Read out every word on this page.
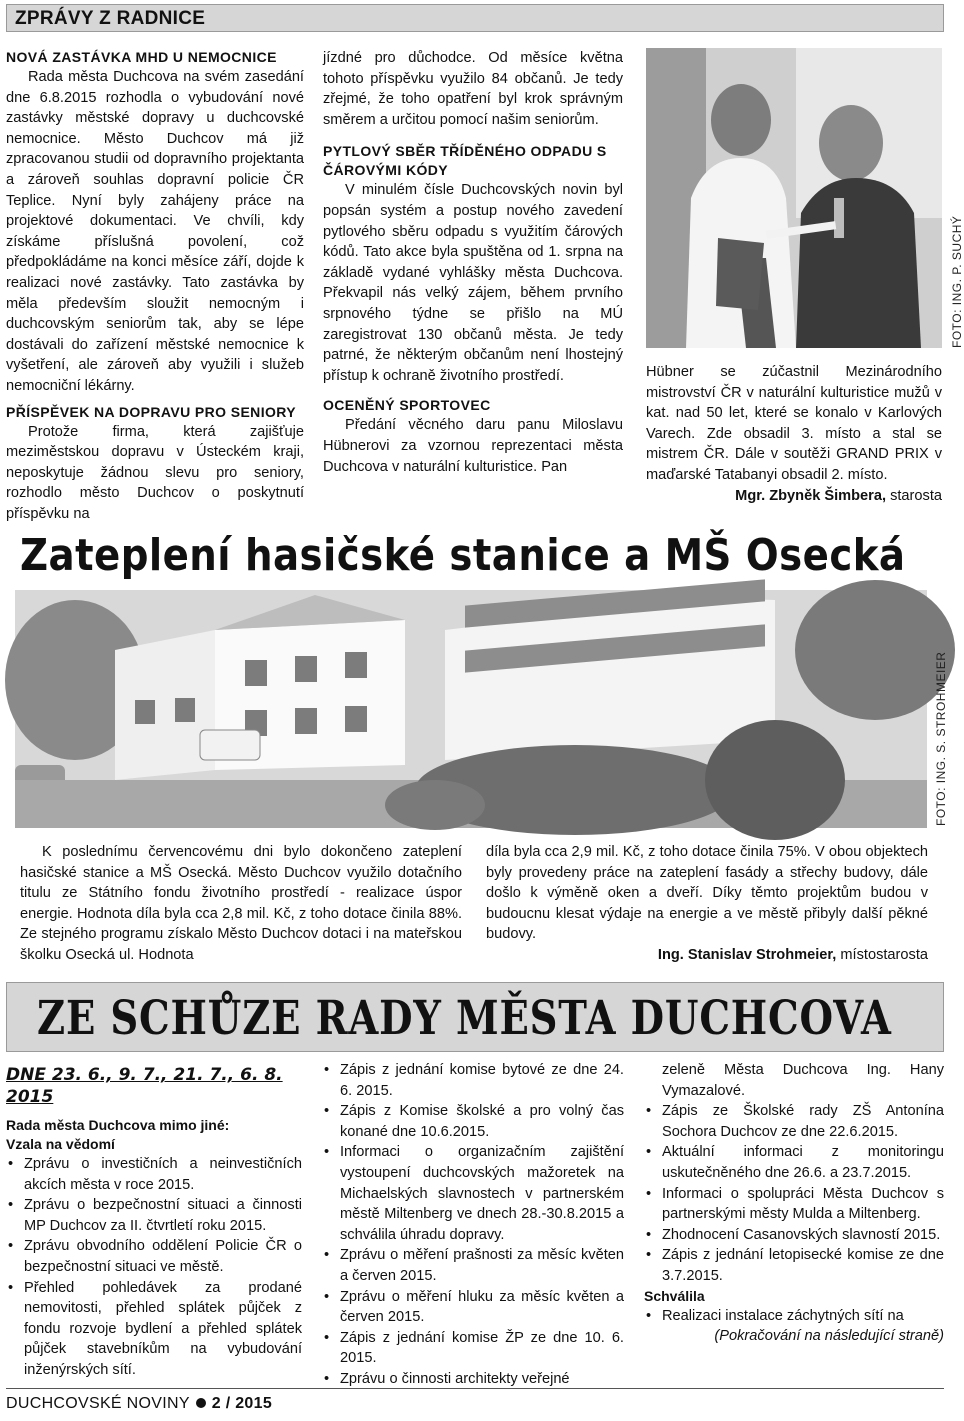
ZPRÁVY Z RADNICE
NOVÁ ZASTÁVKA MHD U NEMOCNICE
Rada města Duchcova na svém zasedání dne 6.8.2015 rozhodla o vybudování nové zastávky městské dopravy u duchcovské nemocnice. Město Duchcov má již zpracovanou studii od dopravního projektanta a zároveň souhlas dopravní policie ČR Teplice. Nyní byly zahájeny práce na projektové dokumentaci. Ve chvíli, kdy získáme příslušná povolení, což předpokládáme na konci měsíce září, dojde k realizaci nové zastávky. Tato zastávka by měla především sloužit nemocným i duchcovským seniorům tak, aby se lépe dostávali do zařízení městské nemocnice k vyšetření, ale zároveň aby využili i služeb nemocniční lékárny.
PŘÍSPĚVEK NA DOPRAVU PRO SENIORY
Protože firma, která zajišťuje meziměstskou dopravu v Ústeckém kraji, neposkytuje žádnou slevu pro seniory, rozhodlo město Duchcov o poskytnutí příspěvku na
jízdné pro důchodce. Od měsíce května tohoto příspěvku využilo 84 občanů. Je tedy zřejmé, že toho opatření byl krok správným směrem a určitou pomocí našim seniorům.
PYTLOVÝ SBĚR TŘÍDĚNÉHO ODPADU S ČÁROVÝMI KÓDY
V minulém čísle Duchcovských novin byl popsán systém a postup nového zavedení pytlového sběru odpadu s využitím čárových kódů. Tato akce byla spuštěna od 1. srpna na základě vydané vyhlášky města Duchcova. Překvapil nás velký zájem, během prvního srpnového týdne se přišlo na MÚ zaregistrovat 130 občanů města. Je tedy patrné, že některým občanům není lhostejný přístup k ochraně životního prostředí.
OCENĚNÝ SPORTOVEC
Předání věcného daru panu Miloslavu Hübnerovi za vzornou reprezentaci města Duchcova v naturální kulturistice. Pan
FOTO: ING. P. SUCHÝ
Hübner se zúčastnil Mezinárodního mistrovství ČR v naturální kulturistice mužů v kat. nad 50 let, které se konalo v Karlových Varech. Zde obsadil 3. místo a stal se mistrem ČR. Dále v soutěži GRAND PRIX v maďarské Tatabanyi obsadil 2. místo.
Mgr. Zbyněk Šimbera, starosta
Zateplení hasičské stanice a MŠ Osecká
FOTO: ING. S. STROHMEIER
K poslednímu červencovému dni bylo dokončeno zateplení hasičské stanice a MŠ Osecká. Město Duchcov využilo dotačního titulu ze Státního fondu životního prostředí - realizace úspor energie. Hodnota díla byla cca 2,8 mil. Kč, z toho dotace činila 88%. Ze stejného programu získalo Město Duchcov dotaci i na mateřskou školku Osecká ul. Hodnota
díla byla cca 2,9 mil. Kč, z toho dotace činila 75%. V obou objektech byly provedeny práce na zateplení fasády a střechy budovy, dále došlo k výměně oken a dveří. Díky těmto projektům budou v budoucnu klesat výdaje na energie a ve městě přibyly další pěkné budovy.
Ing. Stanislav Strohmeier, místostarosta
ZE SCHŮZE RADY MĚSTA DUCHCOVA
DNE 23. 6., 9. 7., 21. 7., 6. 8. 2015
Rada města Duchcova mimo jiné:
Vzala na vědomí
• Zprávu o investičních a neinvestičních akcích města v roce 2015.
• Zprávu o bezpečnostní situaci a činnosti MP Duchcov za II. čtvrtletí roku 2015.
• Zprávu obvodního oddělení Policie ČR o bezpečnostní situaci ve městě.
• Přehled pohledávek za prodané nemovitosti, přehled splátek půjček z fondu rozvoje bydlení a přehled splátek půjček stavebníkům na vybudování inženýrských sítí.
• Zápis z jednání komise bytové ze dne 24. 6. 2015.
• Zápis z Komise školské a pro volný čas konané dne 10.6.2015.
• Informaci o organizačním zajištění vystoupení duchcovských mažoretek na Michaelských slavnostech v partnerském městě Miltenberg ve dnech 28.-30.8.2015 a schválila úhradu dopravy.
• Zprávu o měření prašnosti za měsíc květen a červen 2015.
• Zprávu o měření hluku za měsíc květen a červen 2015.
• Zápis z jednání komise ŽP ze dne 10. 6. 2015.
• Zprávu o činnosti architekty veřejné
zeleně Města Duchcova Ing. Hany Vymazalové.
• Zápis ze Školské rady ZŠ Antonína Sochora Duchcov ze dne 22.6.2015.
• Aktuální informaci z monitoringu uskutečněného dne 26.6. a 23.7.2015.
• Informaci o spolupráci Města Duchcov s partnerskými městy Mulda a Miltenberg.
• Zhodnocení Casanovských slavností 2015.
• Zápis z jednání letopisecké komise ze dne 3.7.2015.
Schválila
• Realizaci instalace záchytných sítí na
(Pokračování na následující straně)
DUCHCOVSKÉ NOVINY 2 / 2015
